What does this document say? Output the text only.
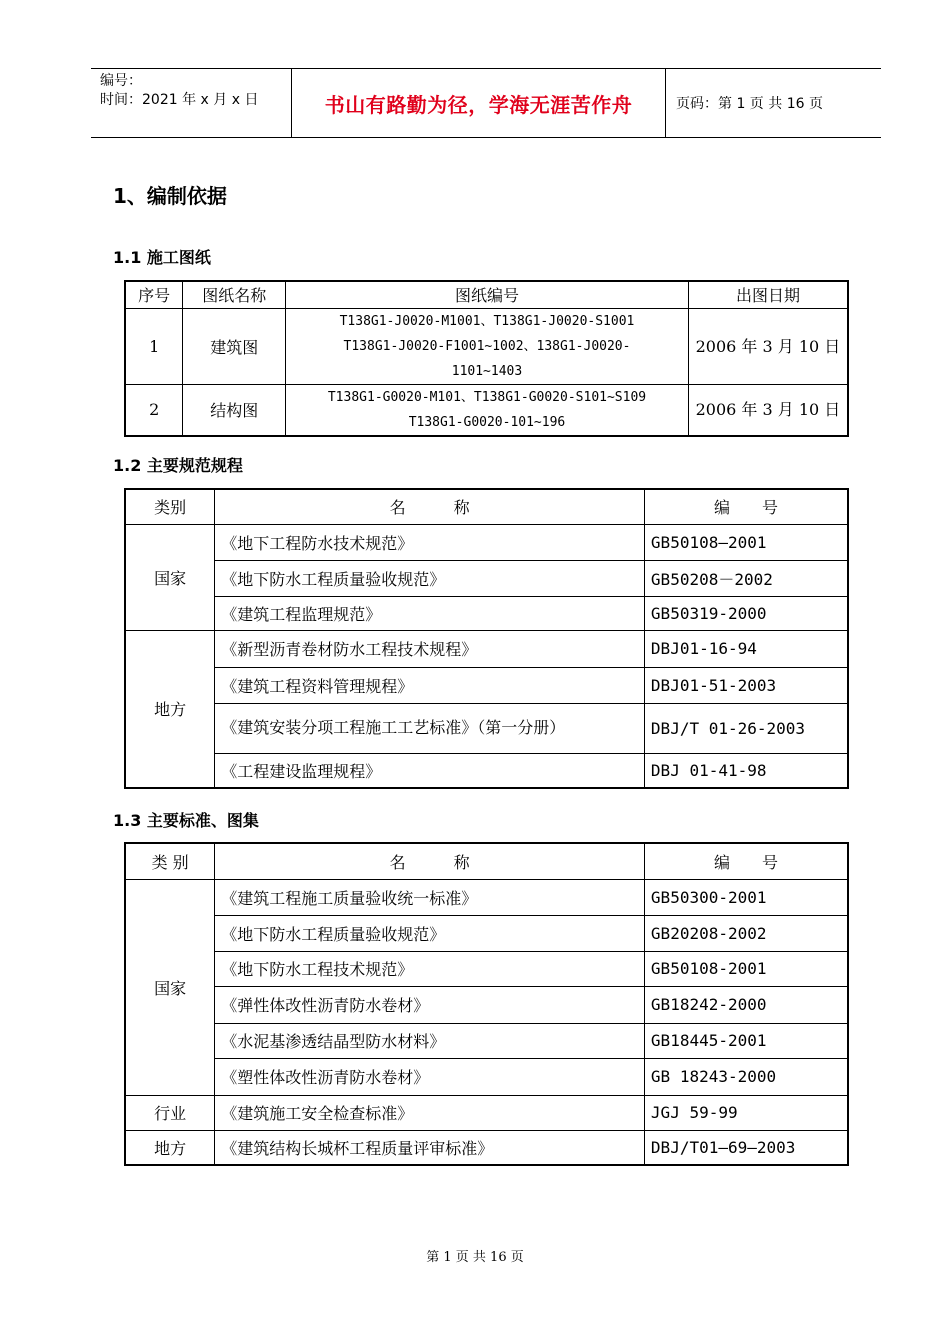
编号：
时间：2021 年 x 月 x 日	书山有路勤为径，学海无涯苦作舟	页码：第 1 页 共 16 页
1、编制依据
1.1 施工图纸
序号	图纸名称	图纸编号	出图日期
1	建筑图	T138G1-J0020-M1001、T138G1-J0020-S1001
T138G1-J0020-F1001~1002、138G1-J0020-
1101~1403	2006 年 3 月 10 日
2	结构图	T138G1-G0020-M101、T138G1-G0020-S101~S109
T138G1-G0020-101~196	2006 年 3 月 10 日
1.2 主要规范规程
类别	名　　　称	编　　号
国家	《地下工程防水技术规范》	GB50108—2001
	《地下防水工程质量验收规范》	GB50208－2002
	《建筑工程监理规范》	GB50319-2000
地方	《新型沥青卷材防水工程技术规程》	DBJ01-16-94
	《建筑工程资料管理规程》	DBJ01-51-2003
	《建筑安装分项工程施工工艺标准》（第一分册）	DBJ/T 01-26-2003
	《工程建设监理规程》	DBJ 01-41-98
1.3 主要标准、图集
类 别	名　　　称	编　　号
国家	《建筑工程施工质量验收统一标准》	GB50300-2001
	《地下防水工程质量验收规范》	GB20208-2002
	《地下防水工程技术规范》	GB50108-2001
	《弹性体改性沥青防水卷材》	GB18242-2000
	《水泥基渗透结晶型防水材料》	GB18445-2001
	《塑性体改性沥青防水卷材》	GB 18243-2000
行业	《建筑施工安全检查标准》	JGJ 59-99
地方	《建筑结构长城杯工程质量评审标准》	DBJ/T01—69—2003
第 1 页 共 16 页
